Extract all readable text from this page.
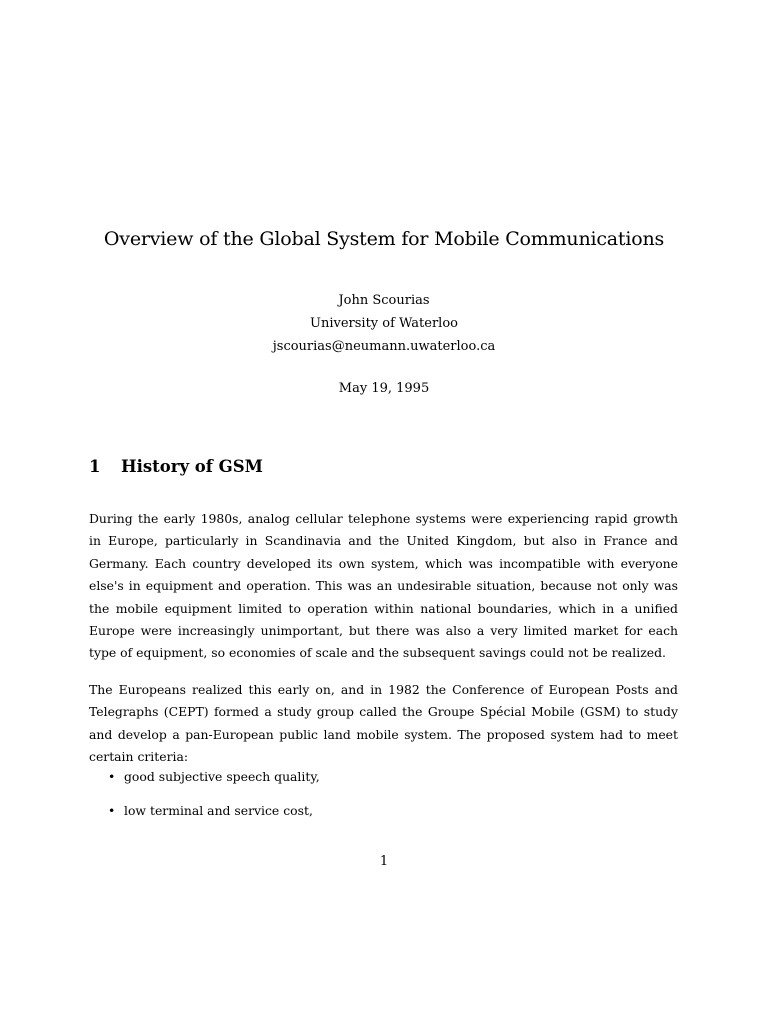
Overview of the Global System for Mobile Communications
John Scourias
University of Waterloo
jscourias@neumann.uwaterloo.ca
May 19, 1995
1 History of GSM

During the early 1980s, analog cellular telephone systems were experiencing rapid growth in Europe, particularly in Scandinavia and the United Kingdom, but also in France and Germany. Each country developed its own system, which was incompatible with everyone else's in equipment and operation. This was an undesirable situation, because not only was the mobile equipment limited to operation within national boundaries, which in a unified Europe were increasingly unimportant, but there was also a very limited market for each type of equipment, so economies of scale and the subsequent savings could not be realized.

The Europeans realized this early on, and in 1982 the Conference of European Posts and Telegraphs (CEPT) formed a study group called the Groupe Spécial Mobile (GSM) to study and develop a pan-European public land mobile system. The proposed system had to meet certain criteria:

• good subjective speech quality,
• low terminal and service cost,
1
